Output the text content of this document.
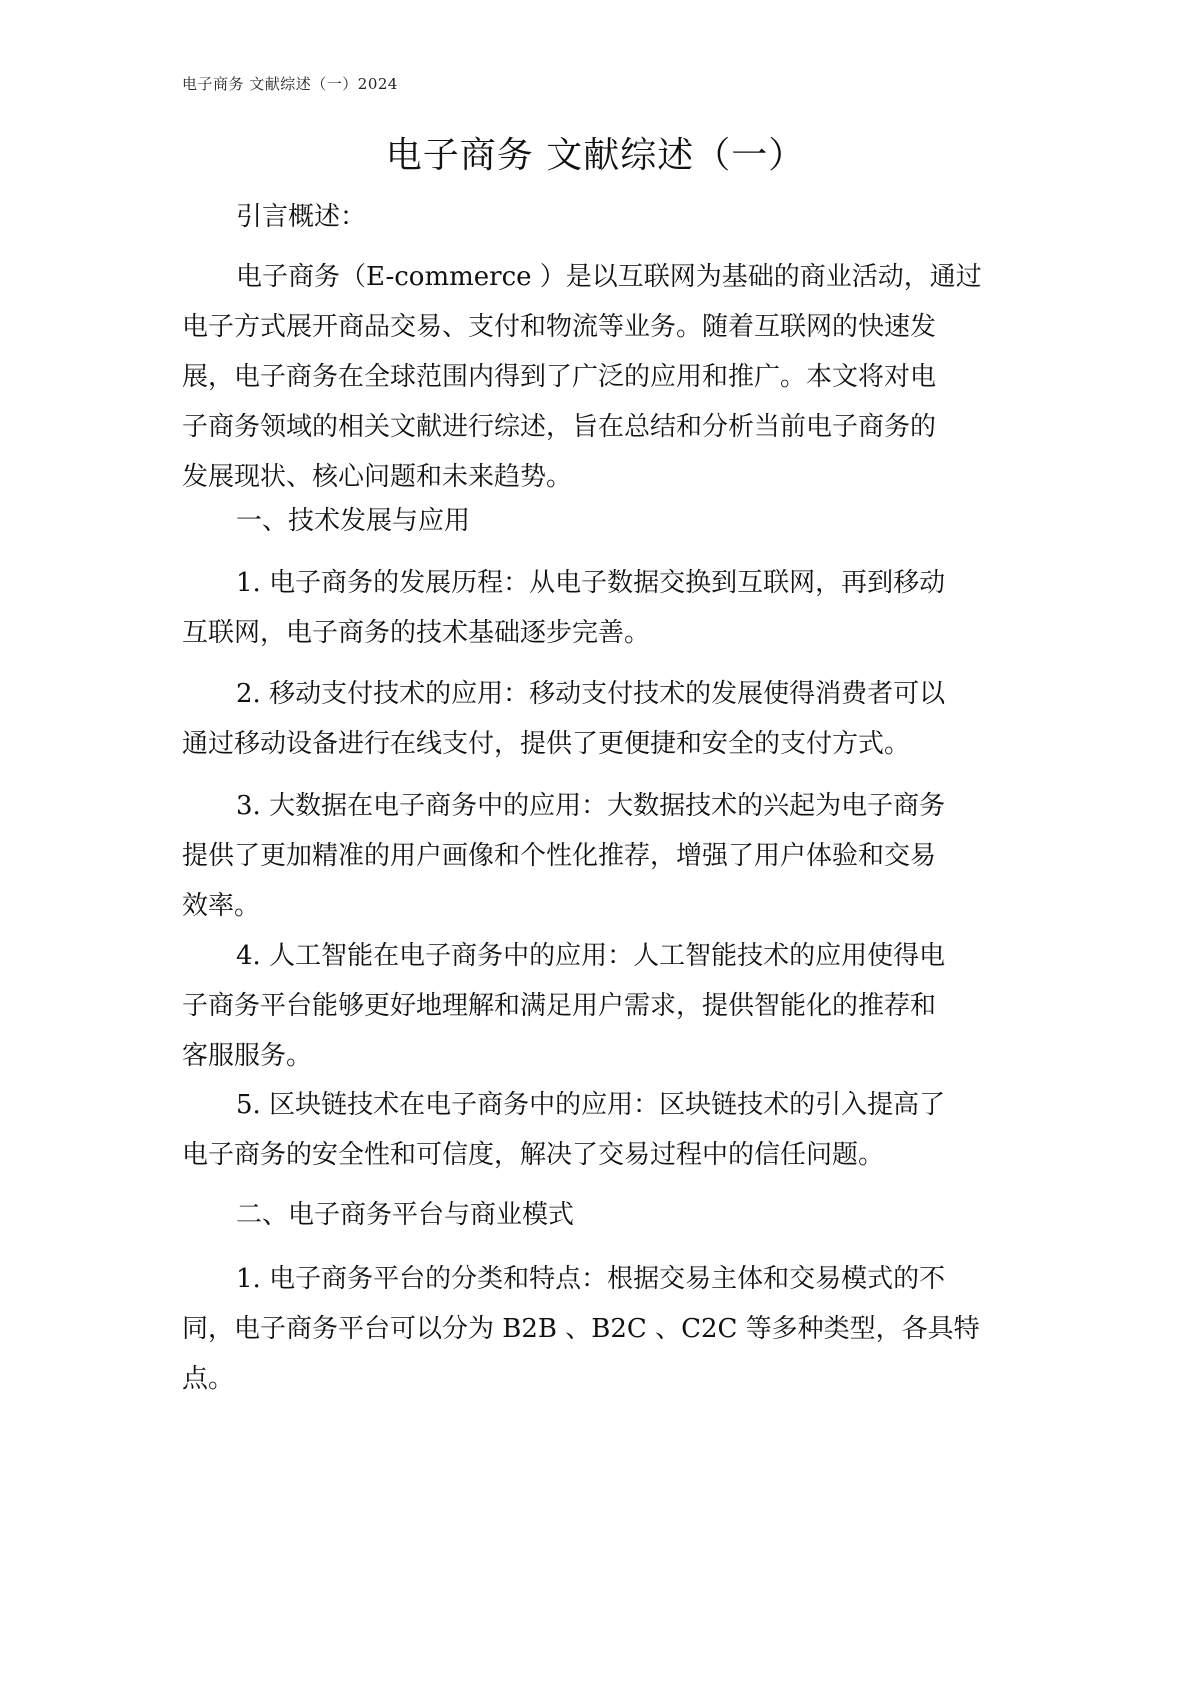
电子商务 文献综述（一）2024
电子商务 文献综述（一）

引言概述：

电子商务（E-commerce ）是以互联网为基础的商业活动，通过
电子方式展开商品交易、支付和物流等业务。随着互联网的快速发
展，电子商务在全球范围内得到了广泛的应用和推广。本文将对电
子商务领域的相关文献进行综述，旨在总结和分析当前电子商务的
发展现状、核心问题和未来趋势。

一、技术发展与应用

1. 电子商务的发展历程：从电子数据交换到互联网，再到移动
互联网，电子商务的技术基础逐步完善。

2. 移动支付技术的应用：移动支付技术的发展使得消费者可以
通过移动设备进行在线支付，提供了更便捷和安全的支付方式。

3. 大数据在电子商务中的应用：大数据技术的兴起为电子商务
提供了更加精准的用户画像和个性化推荐，增强了用户体验和交易
效率。

4. 人工智能在电子商务中的应用：人工智能技术的应用使得电
子商务平台能够更好地理解和满足用户需求，提供智能化的推荐和
客服服务。

5. 区块链技术在电子商务中的应用：区块链技术的引入提高了
电子商务的安全性和可信度，解决了交易过程中的信任问题。

二、电子商务平台与商业模式

1. 电子商务平台的分类和特点：根据交易主体和交易模式的不
同，电子商务平台可以分为 B2B 、B2C 、C2C 等多种类型，各具特
点。
